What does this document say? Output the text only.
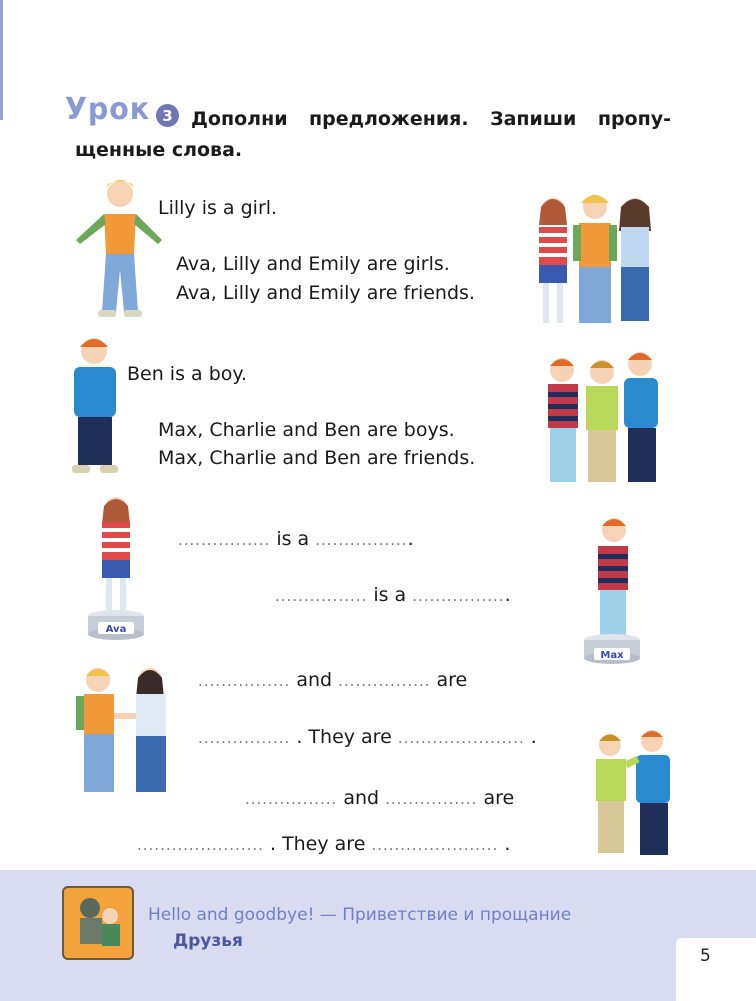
Урок 3 Дополни предложения. Запиши пропу-
щенные слова.
Lilly is a girl.
Ava, Lilly and Emily are girls.
Ava, Lilly and Emily are friends.
Ben is a boy.
Max, Charlie and Ben are boys.
Max, Charlie and Ben are friends.
................ is a .................
................ is a .................
................ and ................ are
................ . They are ...................... .
................ and ................ are
...................... . They are ...................... .
Ava
Max
Hello and goodbye! — Приветствие и прощание
Друзья
5
